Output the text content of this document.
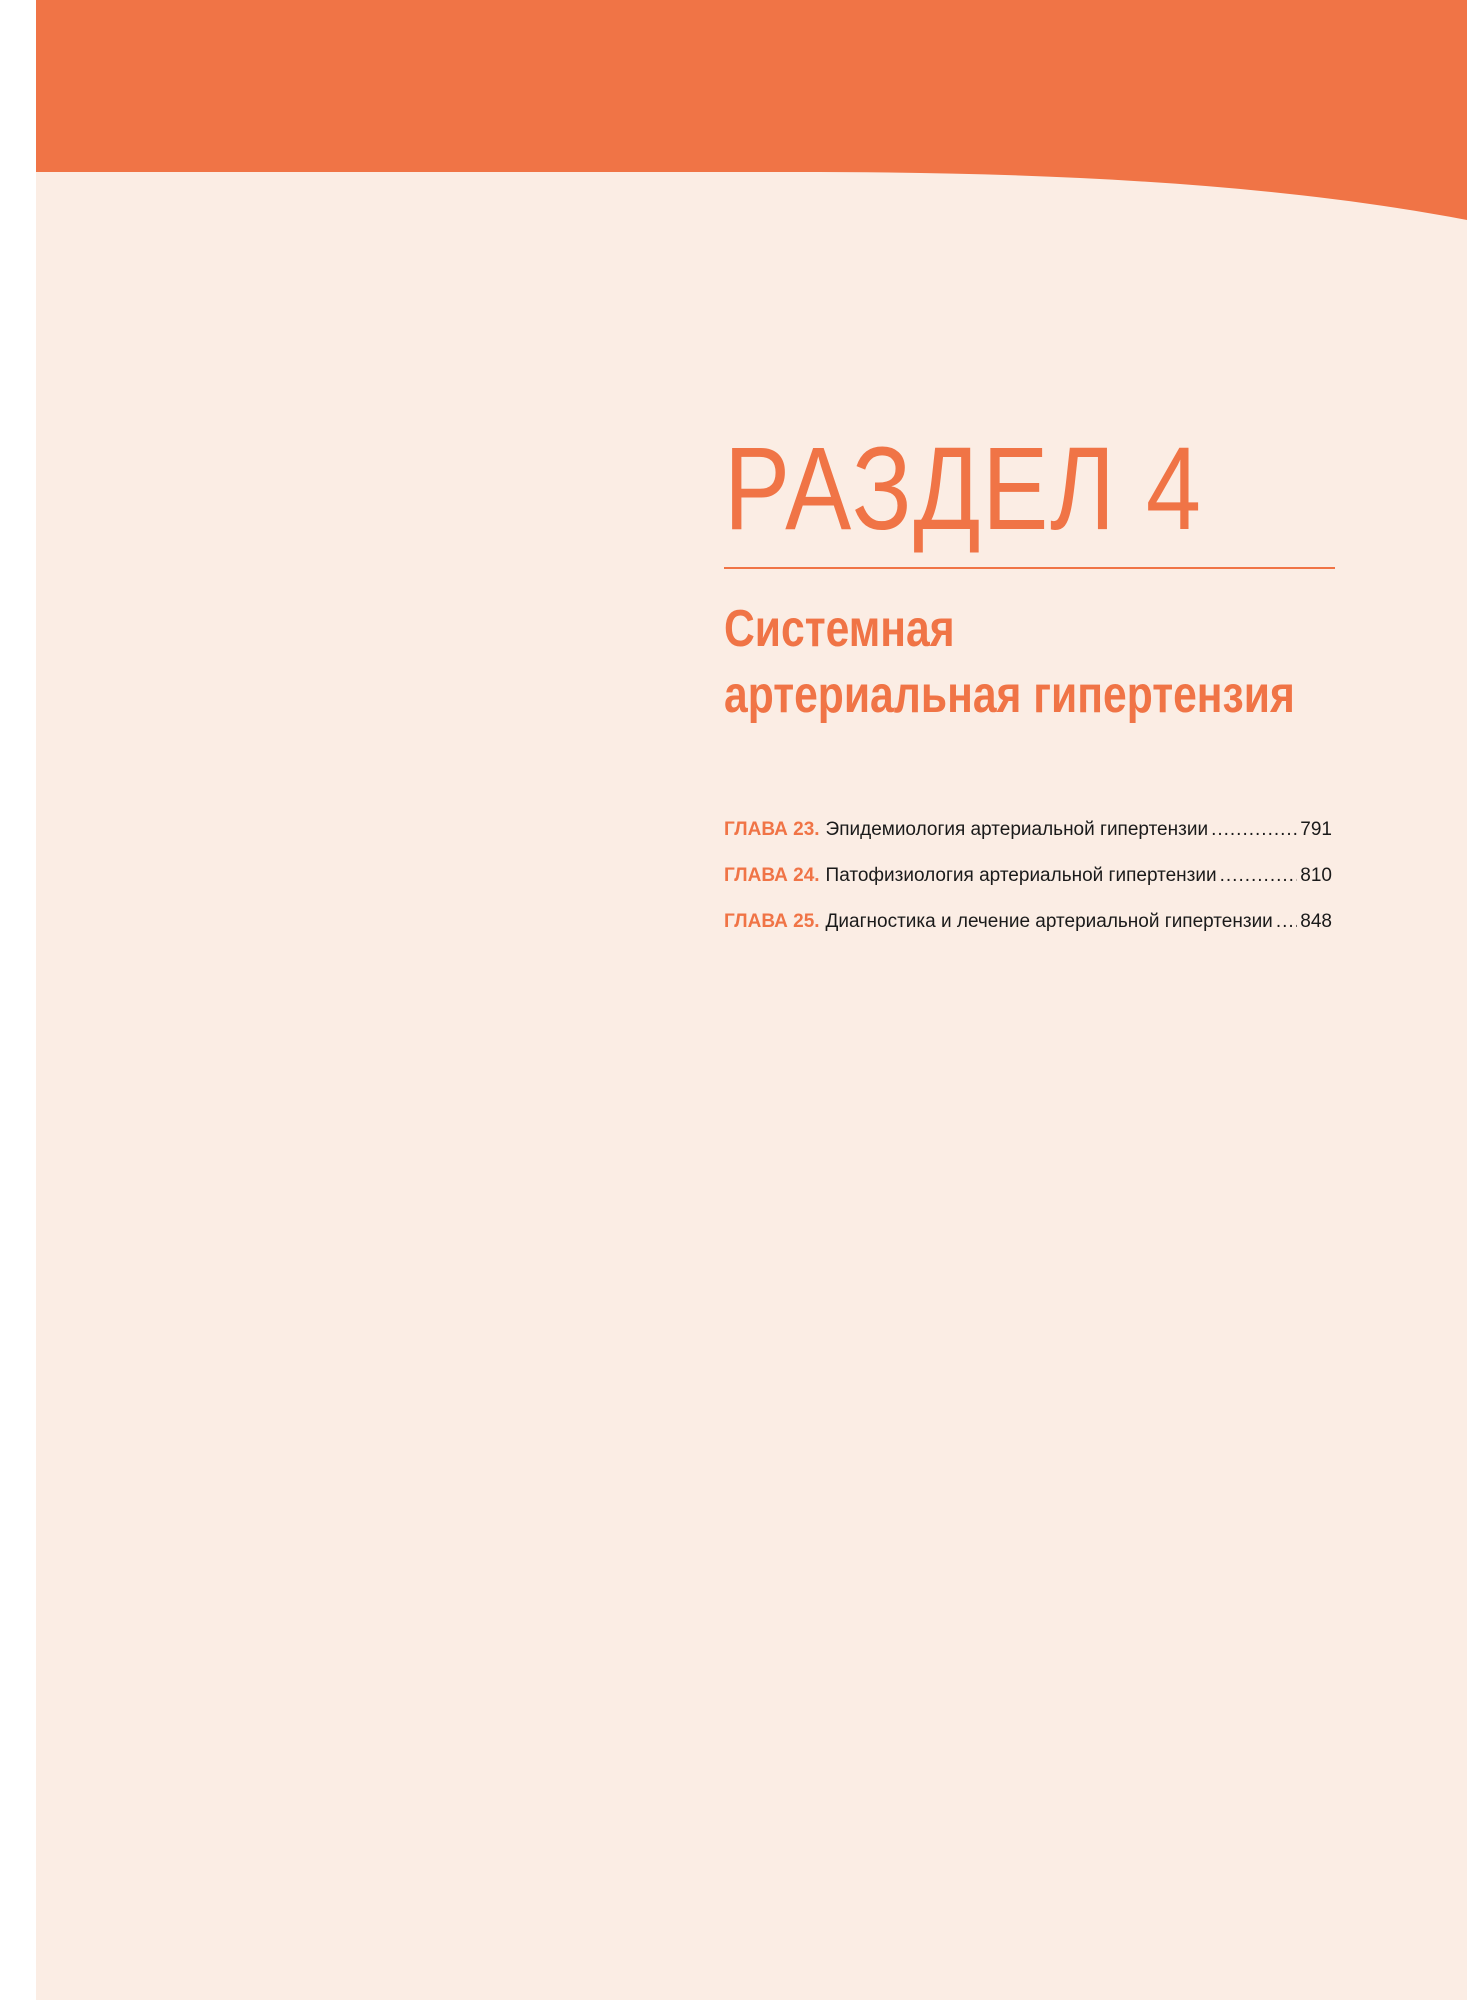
РАЗДЕЛ 4
Системная
артериальная гипертензия
ГЛАВА 23. Эпидемиология артериальной гипертензии .....	791
ГЛАВА 24. Патофизиология артериальной гипертензии .....	810
ГЛАВА 25. Диагностика и лечение артериальной гипертензии ..... 848
